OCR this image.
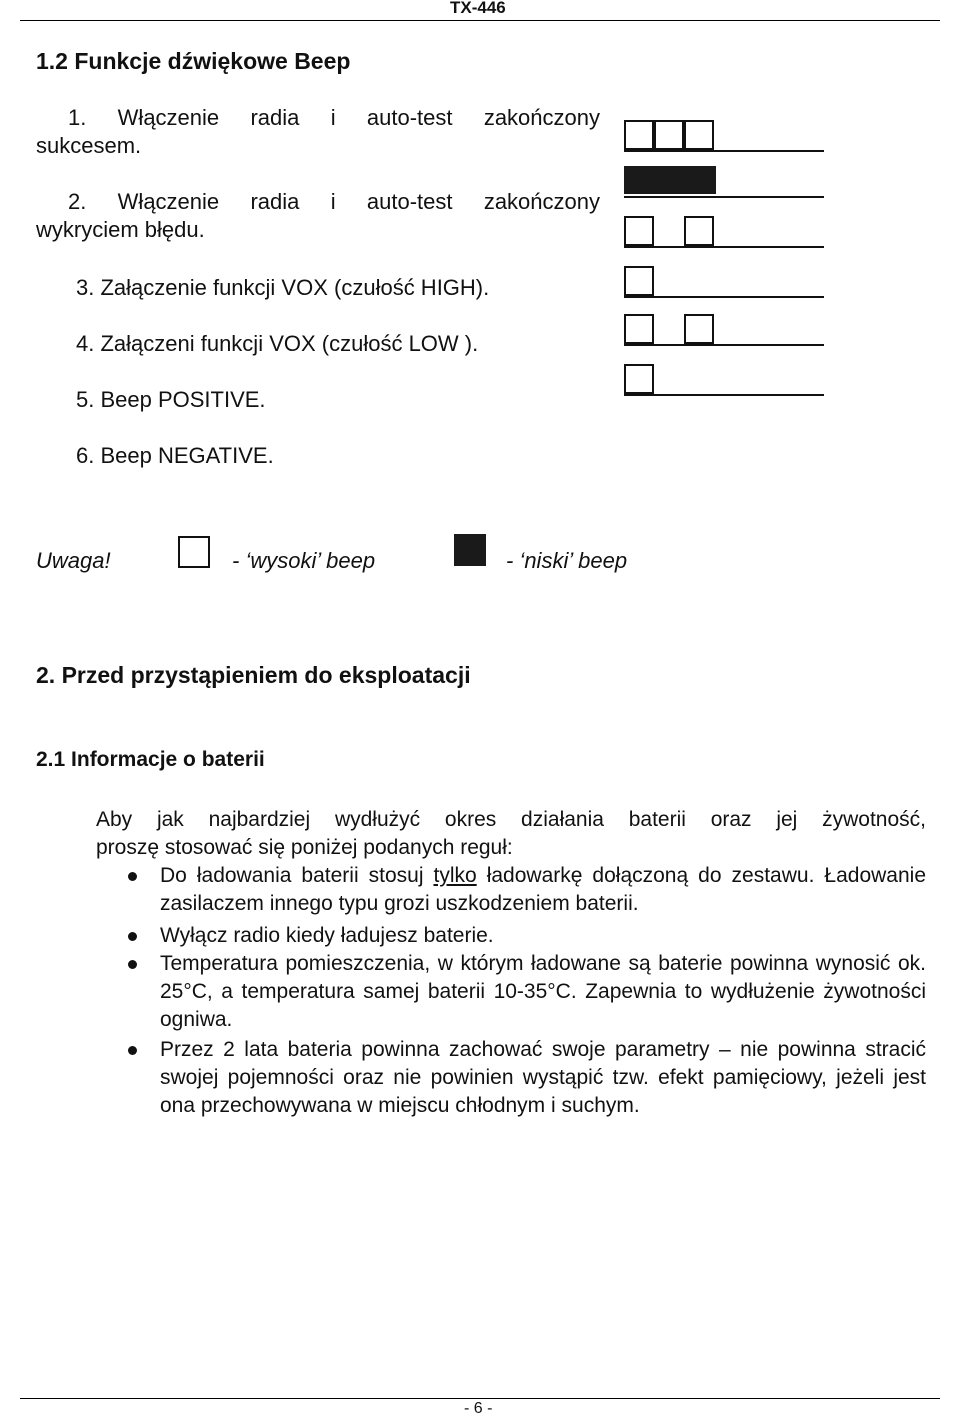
TX-446
1.2 Funkcje dźwiękowe Beep
1. Włączenie radia i auto-test zakończony
sukcesem.
2. Włączenie radia i auto-test zakończony
wykryciem błędu.
3. Załączenie funkcji VOX (czułość HIGH).
4. Załączeni funkcji VOX (czułość LOW ).
5. Beep POSITIVE.
6. Beep NEGATIVE.
Uwaga!	- ‘wysoki’ beep	- ‘niski’ beep
2. Przed przystąpieniem do eksploatacji
2.1 Informacje o baterii
Aby jak najbardziej wydłużyć okres działania baterii oraz jej żywotność,
proszę stosować się poniżej podanych reguł:
Do ładowania baterii stosuj tylko ładowarkę dołączoną do zestawu. Ładowanie zasilaczem innego typu grozi uszkodzeniem baterii.
Wyłącz radio kiedy ładujesz baterie.
Temperatura pomieszczenia, w którym ładowane są baterie powinna wynosić ok. 25°C, a temperatura samej baterii 10-35°C. Zapewnia to wydłużenie żywotności ogniwa.
Przez 2 lata bateria powinna zachować swoje parametry – nie powinna stracić swojej pojemności oraz nie powinien wystąpić tzw. efekt pamięciowy, jeżeli jest ona przechowywana w miejscu chłodnym i suchym.
- 6 -
